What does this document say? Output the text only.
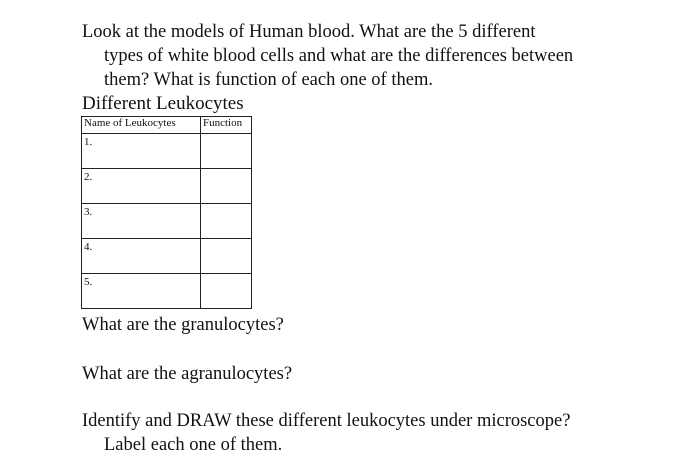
Look at the models of Human blood. What are the 5 different
types of white blood cells and what are the differences between
them? What is function of each one of them.

Different Leukocytes

Name of Leukocytes	Function
1.	
2.	
3.	
4.	
5.	

What are the granulocytes?

What are the agranulocytes?

Identify and DRAW these different leukocytes under microscope?
Label each one of them.
